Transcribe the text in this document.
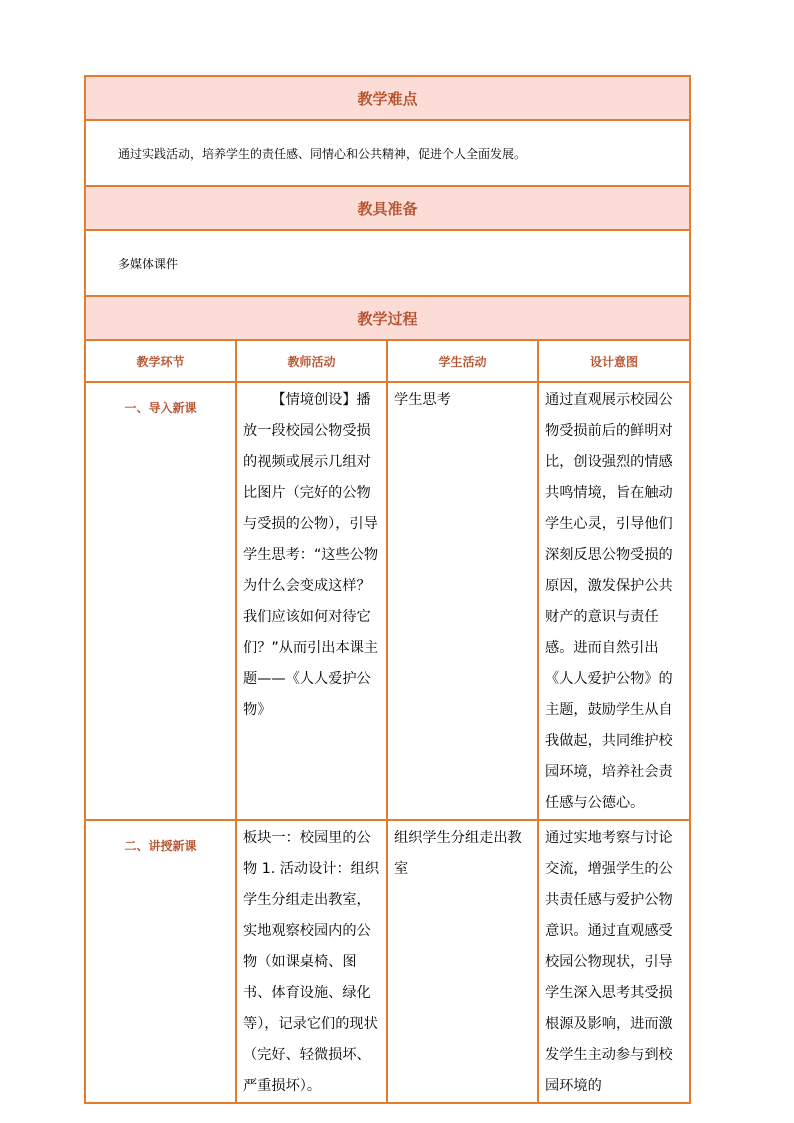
教学难点			
通过实践活动，培养学生的责任感、同情心和公共精神，促进个人全面发展。			
教具准备			
多媒体课件			
教学过程			
教学环节	教师活动	学生活动	设计意图
一、导入新课	【情境创设】播放一段校园公物受损的视频或展示几组对比图片（完好的公物与受损的公物），引导学生思考：“这些公物为什么会变成这样？我们应该如何对待它们？”从而引出本课主题——《人人爱护公物》	学生思考	通过直观展示校园公物受损前后的鲜明对比，创设强烈的情感共鸣情境，旨在触动学生心灵，引导他们深刻反思公物受损的原因，激发保护公共财产的意识与责任感。进而自然引出《人人爱护公物》的主题，鼓励学生从自我做起，共同维护校园环境，培养社会责任感与公德心。
二、讲授新课	板块一：校园里的公物 1. 活动设计：组织学生分组走出教室，实地观察校园内的公物（如课桌椅、图书、体育设施、绿化等），记录它们的现状（完好、轻微损坏、严重损坏）。	组织学生分组走出教室	通过实地考察与讨论交流，增强学生的公共责任感与爱护公物意识。通过直观感受校园公物现状，引导学生深入思考其受损根源及影响，进而激发学生主动参与到校园环境的
